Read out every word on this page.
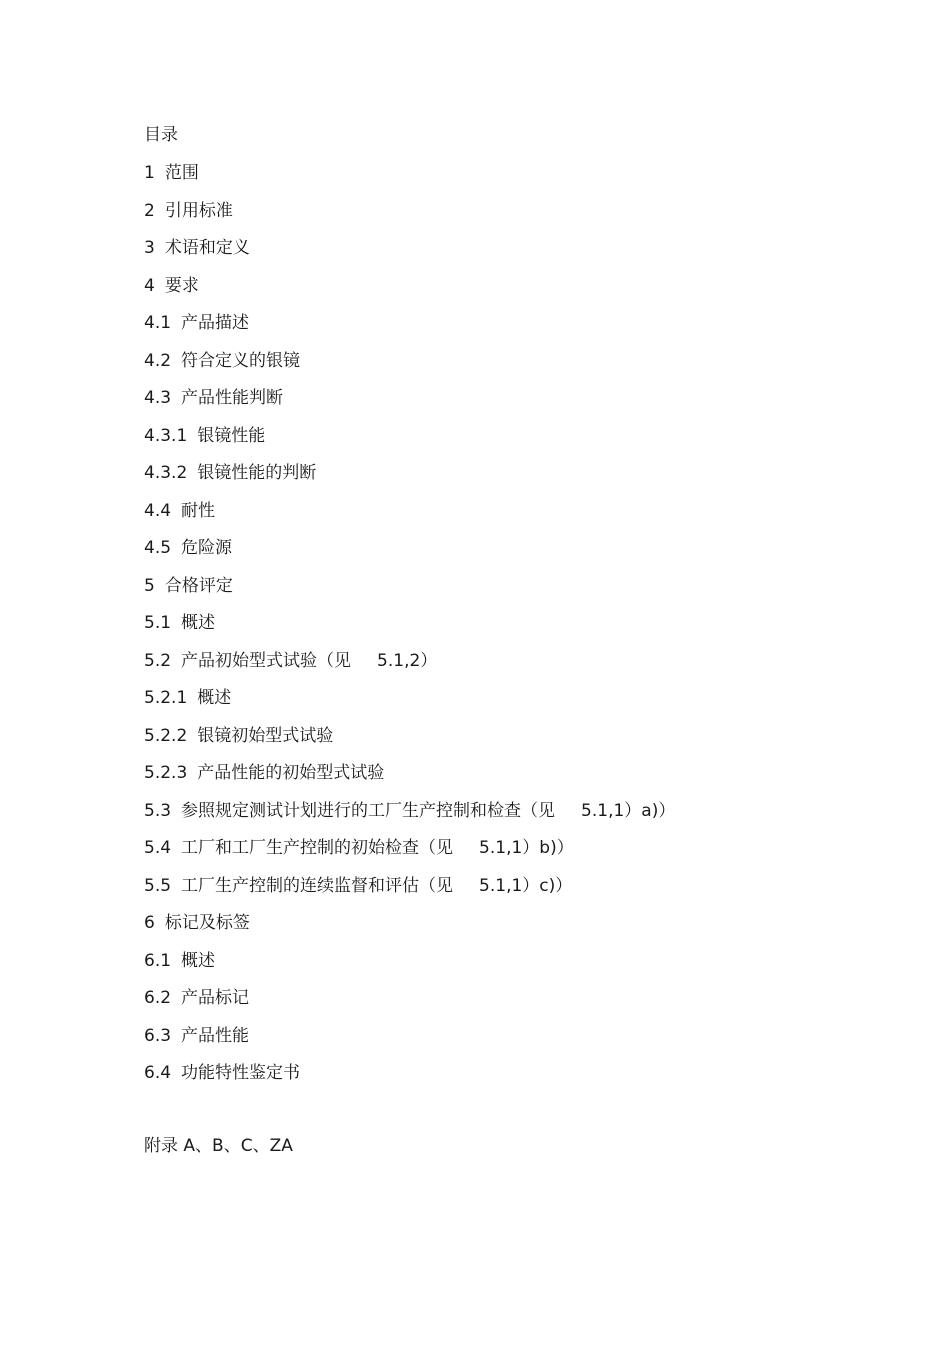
目录
1 范围
2 引用标准
3 术语和定义
4 要求
4.1 产品描述
4.2 符合定义的银镜
4.3 产品性能判断
4.3.1 银镜性能
4.3.2 银镜性能的判断
4.4 耐性
4.5 危险源
5 合格评定
5.1 概述
5.2 产品初始型式试验（见 5.1,2）
5.2.1 概述
5.2.2 银镜初始型式试验
5.2.3 产品性能的初始型式试验
5.3 参照规定测试计划进行的工厂生产控制和检查（见 5.1,1）a)）
5.4 工厂和工厂生产控制的初始检查（见 5.1,1）b)）
5.5 工厂生产控制的连续监督和评估（见 5.1,1）c)）
6 标记及标签
6.1 概述
6.2 产品标记
6.3 产品性能
6.4 功能特性鉴定书
附录 A、B、C、ZA
